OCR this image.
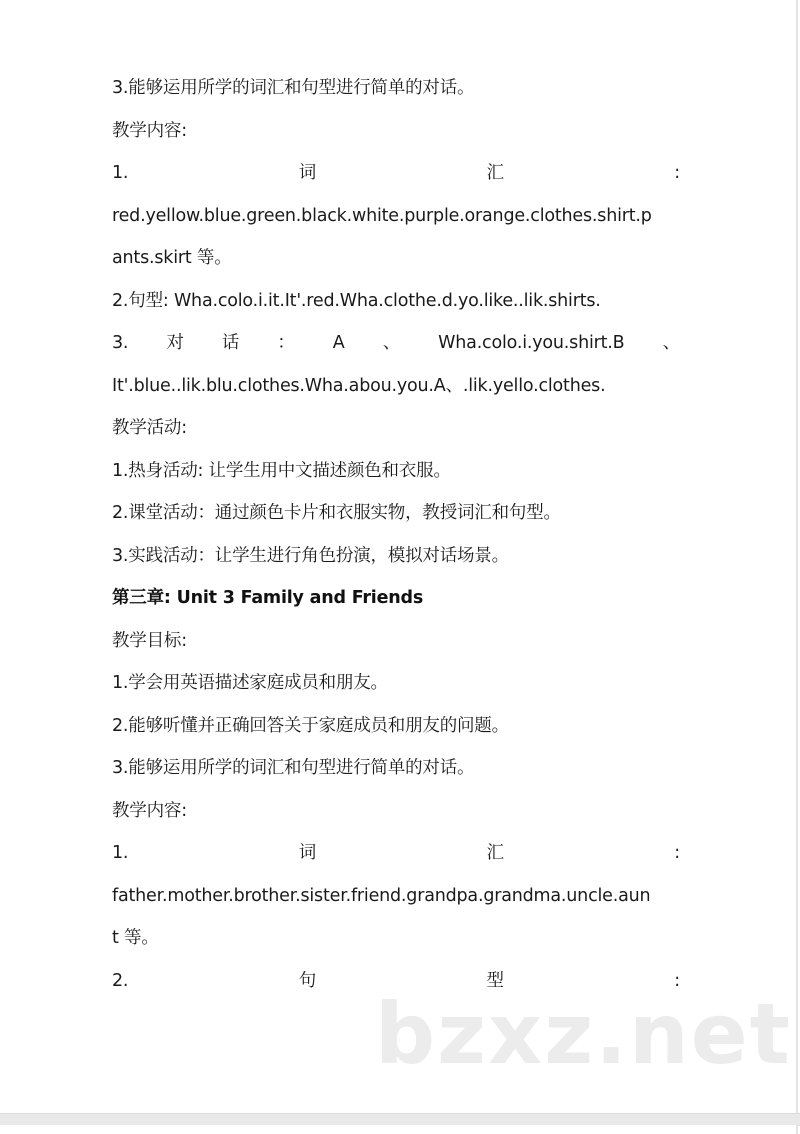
3.能够运用所学的词汇和句型进行简单的对话。
教学内容:
1.	词	汇	:
red.yellow.blue.green.black.white.purple.orange.clothes.shirt.p
ants.skirt 等。
2.句型: Wha.colo.i.it.It'.red.Wha.clothe.d.yo.like..lik.shirts.
3. 对 话 ： A 、 Wha.colo.i.you.shirt.B 、
It'.blue..lik.blu.clothes.Wha.abou.you.A、.lik.yello.clothes.
教学活动:
1.热身活动: 让学生用中文描述颜色和衣服。
2.课堂活动：通过颜色卡片和衣服实物，教授词汇和句型。
3.实践活动：让学生进行角色扮演，模拟对话场景。
第三章: Unit 3 Family and Friends
教学目标:
1.学会用英语描述家庭成员和朋友。
2.能够听懂并正确回答关于家庭成员和朋友的问题。
3.能够运用所学的词汇和句型进行简单的对话。
教学内容:
1.	词	汇	:
father.mother.brother.sister.friend.grandpa.grandma.uncle.aun
t 等。
2.	句	型	:
bzxz.net
